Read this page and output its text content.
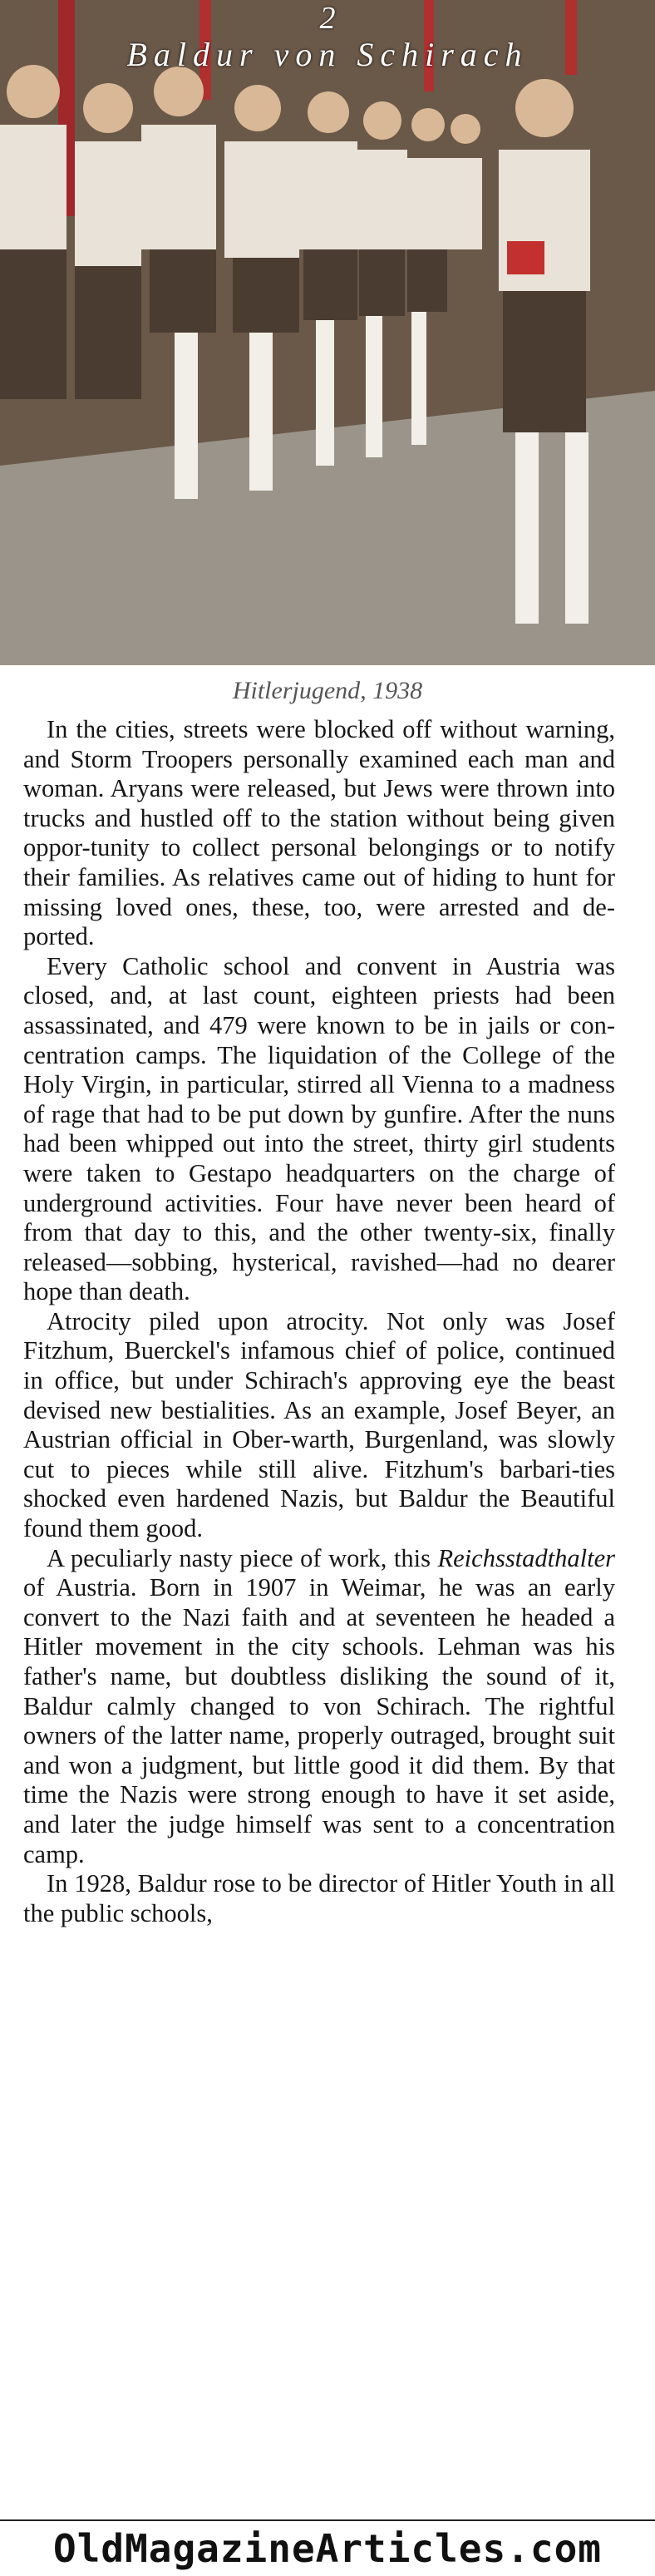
2
Baldur von Schirach
Hitlerjugend, 1938

In the cities, streets were blocked off without warning, and Storm Troopers personally examined each man and woman. Aryans were released, but Jews were thrown into trucks and hustled off to the station without being given oppor-tunity to collect personal belongings or to notify their families. As relatives came out of hiding to hunt for missing loved ones, these, too, were arrested and de-ported.

Every Catholic school and convent in Austria was closed, and, at last count, eighteen priests had been assassinated, and 479 were known to be in jails or con-centration camps. The liquidation of the College of the Holy Virgin, in particular, stirred all Vienna to a madness of rage that had to be put down by gunfire. After the nuns had been whipped out into the street, thirty girl students were taken to Gestapo headquarters on the charge of underground activities. Four have never been heard of from that day to this, and the other twenty-six, finally released—sobbing, hysterical, ravished—had no dearer hope than death.

Atrocity piled upon atrocity. Not only was Josef Fitzhum, Buerckel's infamous chief of police, continued in office, but under Schirach's approving eye the beast devised new bestialities. As an example, Josef Beyer, an Austrian official in Ober-warth, Burgenland, was slowly cut to pieces while still alive. Fitzhum's barbari-ties shocked even hardened Nazis, but Baldur the Beautiful found them good.

A peculiarly nasty piece of work, this Reichsstadthalter of Austria. Born in 1907 in Weimar, he was an early convert to the Nazi faith and at seventeen he headed a Hitler movement in the city schools. Lehman was his father's name, but doubtless disliking the sound of it, Baldur calmly changed to von Schirach. The rightful owners of the latter name, properly outraged, brought suit and won a judgment, but little good it did them. By that time the Nazis were strong enough to have it set aside, and later the judge himself was sent to a concentration camp.

In 1928, Baldur rose to be director of Hitler Youth in all the public schools,

OldMagazineArticles.com
